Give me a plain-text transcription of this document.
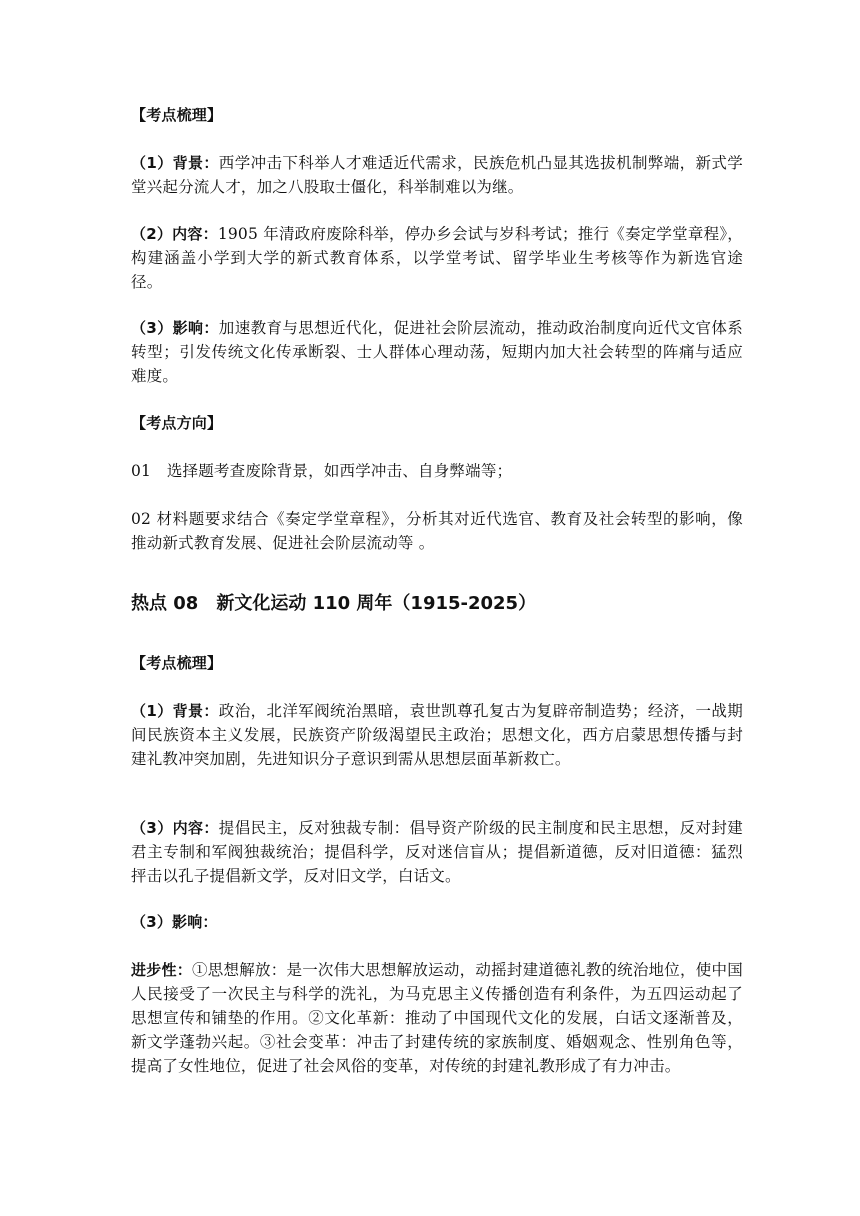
【考点梳理】

（1）背景：西学冲击下科举人才难适近代需求，民族危机凸显其选拔机制弊端，新式学堂兴起分流人才，加之八股取士僵化，科举制难以为继。

（2）内容：1905 年清政府废除科举，停办乡会试与岁科考试；推行《奏定学堂章程》，构建涵盖小学到大学的新式教育体系，以学堂考试、留学毕业生考核等作为新选官途径。

（3）影响：加速教育与思想近代化，促进社会阶层流动，推动政治制度向近代文官体系转型；引发传统文化传承断裂、士人群体心理动荡，短期内加大社会转型的阵痛与适应难度。

【考点方向】

01　选择题考查废除背景，如西学冲击、自身弊端等；

02 材料题要求结合《奏定学堂章程》，分析其对近代选官、教育及社会转型的影响，像推动新式教育发展、促进社会阶层流动等 。

热点 08　新文化运动 110 周年（1915-2025）

【考点梳理】

（1）背景：政治，北洋军阀统治黑暗，袁世凯尊孔复古为复辟帝制造势；经济，一战期间民族资本主义发展，民族资产阶级渴望民主政治；思想文化，西方启蒙思想传播与封建礼教冲突加剧，先进知识分子意识到需从思想层面革新救亡。

（3）内容：提倡民主，反对独裁专制：倡导资产阶级的民主制度和民主思想，反对封建君主专制和军阀独裁统治；提倡科学，反对迷信盲从；提倡新道德，反对旧道德：猛烈抨击以孔子提倡新文学，反对旧文学，白话文。

（3）影响：

进步性：①思想解放：是一次伟大思想解放运动，动摇封建道德礼教的统治地位，使中国人民接受了一次民主与科学的洗礼，为马克思主义传播创造有利条件，为五四运动起了思想宣传和铺垫的作用。②文化革新：推动了中国现代文化的发展，白话文逐渐普及，新文学蓬勃兴起。③社会变革：冲击了封建传统的家族制度、婚姻观念、性别角色等，提高了女性地位，促进了社会风俗的变革，对传统的封建礼教形成了有力冲击。
